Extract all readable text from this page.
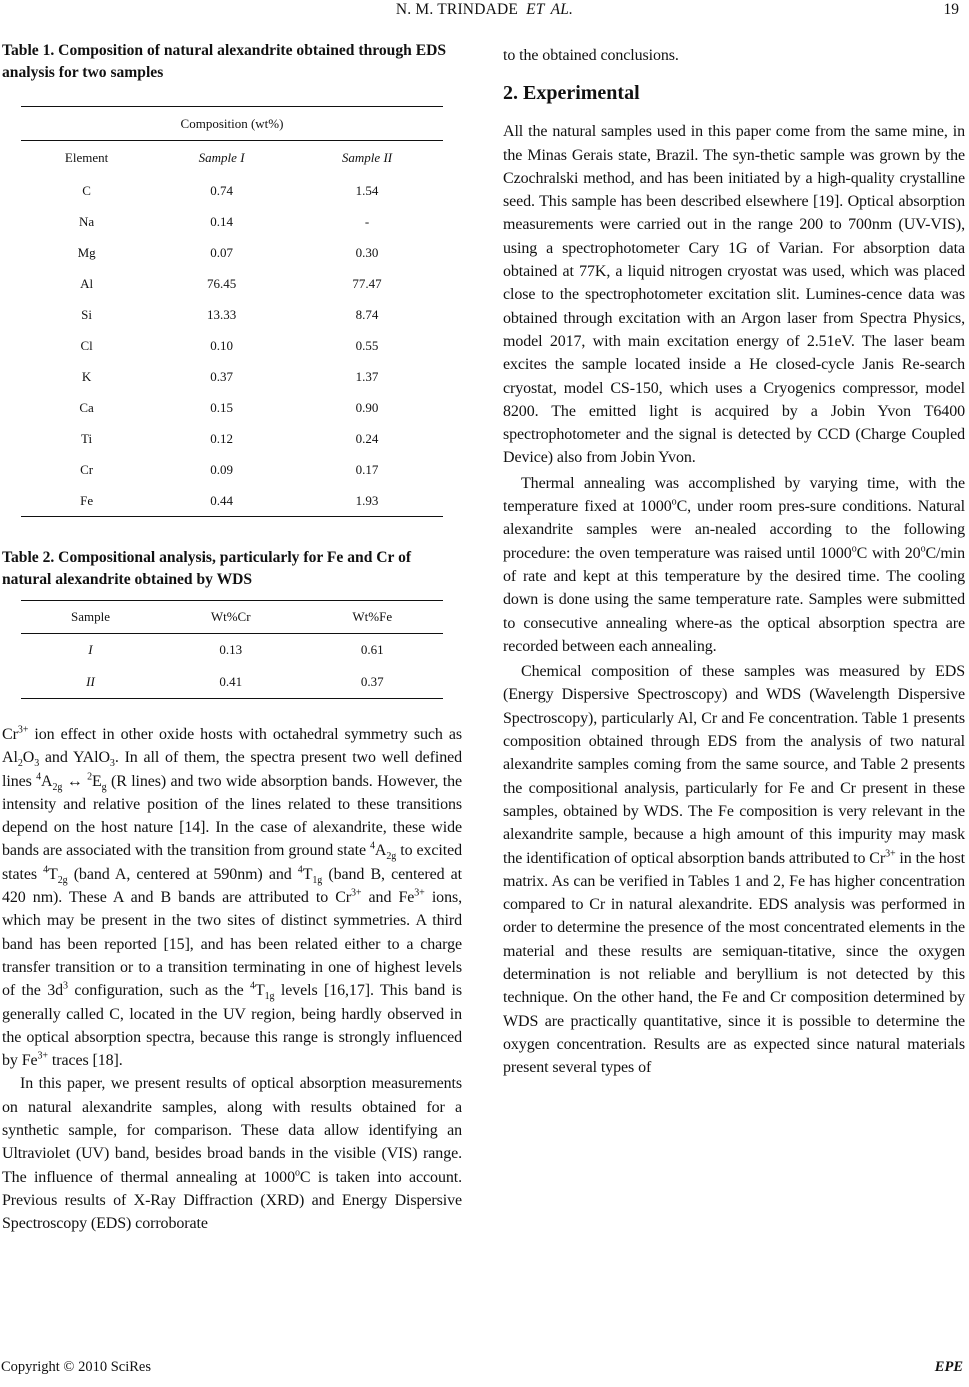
N. M. TRINDADE ET AL.	19

Table 1. Composition of natural alexandrite obtained through EDS analysis for two samples

Composition (wt%)		
Element	Sample I	Sample II
C	0.74	1.54
Na	0.14	-
Mg	0.07	0.30
Al	76.45	77.47
Si	13.33	8.74
Cl	0.10	0.55
K	0.37	1.37
Ca	0.15	0.90
Ti	0.12	0.24
Cr	0.09	0.17
Fe	0.44	1.93

Table 2. Compositional analysis, particularly for Fe and Cr of natural alexandrite obtained by WDS

Sample	Wt%Cr	Wt%Fe
I	0.13	0.61
II	0.41	0.37

$Cr^{3+}$ ion effect in other oxide hosts with octahedral symmetry such as $Al_2O_3$ and YAlO$_3$. In all of them, the spectra present two well defined lines $^4A_{2g}$ ↔ $^2E_g$ (R lines) and two wide absorption bands. However, the intensity and relative position of the lines related to these transitions depend on the host nature [14]. In the case of alexandrite, these wide bands are associated with the transition from ground state $^4A_{2g}$ to excited states $^4T_{2g}$ (band A, centered at 590nm) and $^4T_{1g}$ (band B, centered at 420 nm). These A and B bands are attributed to $Cr^{3+}$ and $Fe^{3+}$ ions, which may be present in the two sites of distinct symmetries. A third band has been reported [15], and has been related either to a charge transfer transition or to a transition terminating in one of highest levels of the $3d^3$ configuration, such as the $^4T_{1g}$ levels [16,17]. This band is generally called C, located in the UV region, being hardly observed in the optical absorption spectra, because this range is strongly influenced by $Fe^{3+}$ traces [18].

In this paper, we present results of optical absorption measurements on natural alexandrite samples, along with results obtained for a synthetic sample, for comparison. These data allow identifying an Ultraviolet (UV) band, besides broad bands in the visible (VIS) range. The influence of thermal annealing at 1000$^o$C is taken into account. Previous results of X-Ray Diffraction (XRD) and Energy Dispersive Spectroscopy (EDS) corroborate

to the obtained conclusions.

2. Experimental

All the natural samples used in this paper come from the same mine, in the Minas Gerais state, Brazil. The syn-thetic sample was grown by the Czochralski method, and has been initiated by a high-quality crystalline seed. This sample has been described elsewhere [19]. Optical absorption measurements were carried out in the range 200 to 700nm (UV-VIS), using a spectrophotometer Cary 1G of Varian. For absorption data obtained at 77K, a liquid nitrogen cryostat was used, which was placed close to the spectrophotometer excitation slit. Lumines-cence data was obtained through excitation with an Argon laser from Spectra Physics, model 2017, with main excitation energy of 2.51eV. The laser beam excites the sample located inside a He closed-cycle Janis Re-search cryostat, model CS-150, which uses a Cryogenics compressor, model 8200. The emitted light is acquired by a Jobin Yvon T6400 spectrophotometer and the signal is detected by CCD (Charge Coupled Device) also from Jobin Yvon.

Thermal annealing was accomplished by varying time, with the temperature fixed at 1000$^o$C, under room pres-sure conditions. Natural alexandrite samples were an-nealed according to the following procedure: the oven temperature was raised until 1000$^o$C with 20$^o$C/min of rate and kept at this temperature by the desired time. The cooling down is done using the same temperature rate. Samples were submitted to consecutive annealing where-as the optical absorption spectra are recorded between each annealing.

Chemical composition of these samples was measured by EDS (Energy Dispersive Spectroscopy) and WDS (Wavelength Dispersive Spectroscopy), particularly Al, Cr and Fe concentration. Table 1 presents composition obtained through EDS from the analysis of two natural alexandrite samples coming from the same source, and Table 2 presents the compositional analysis, particularly for Fe and Cr present in these samples, obtained by WDS. The Fe composition is very relevant in the alexandrite sample, because a high amount of this impurity may mask the identification of optical absorption bands attributed to $Cr^{3+}$ in the host matrix. As can be verified in Tables 1 and 2, Fe has higher concentration compared to Cr in natural alexandrite. EDS analysis was performed in order to determine the presence of the most concentrated elements in the material and these results are semiquan-titative, since the oxygen determination is not reliable and beryllium is not detected by this technique. On the other hand, the Fe and Cr composition determined by WDS are practically quantitative, since it is possible to determine the oxygen concentration. Results are as expected since natural materials present several types of

Copyright © 2010 SciRes	EPE
